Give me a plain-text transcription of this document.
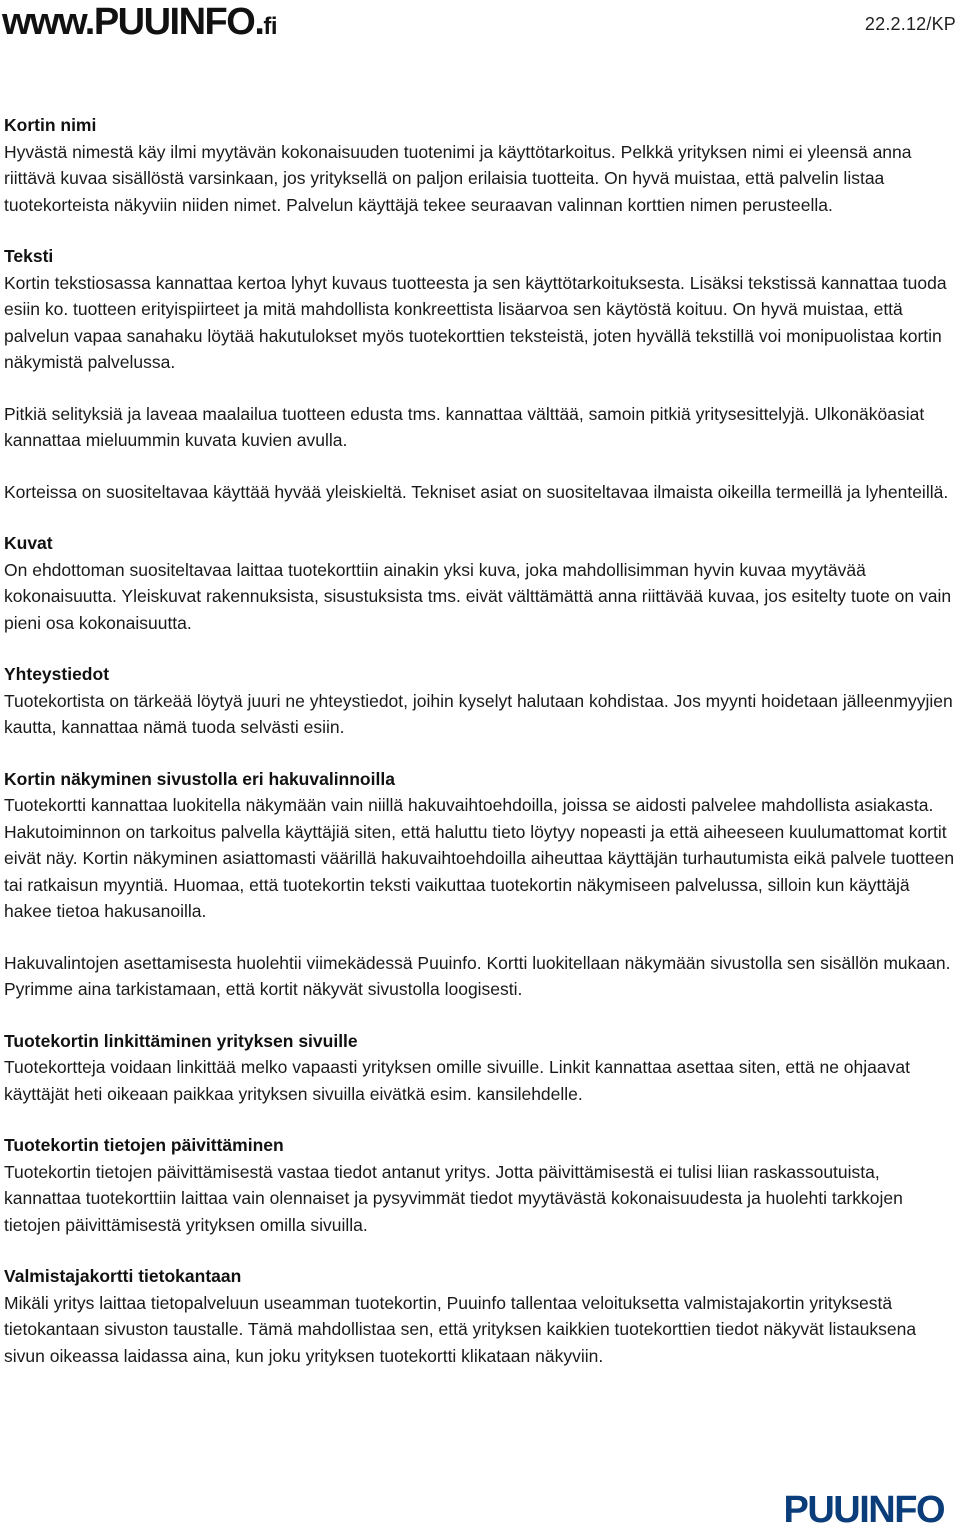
www.PUUINFO.fi	22.2.12/KP
Kortin nimi

Hyvästä nimestä käy ilmi myytävän kokonaisuuden tuotenimi ja käyttötarkoitus. Pelkkä yrityksen nimi ei yleensä anna riittävä kuvaa sisällöstä varsinkaan, jos yrityksellä on paljon erilaisia tuotteita. On hyvä muistaa, että palvelin listaa tuotekorteista näkyviin niiden nimet. Palvelun käyttäjä tekee seuraavan valinnan korttien nimen perusteella.

Teksti

Kortin tekstiosassa kannattaa kertoa lyhyt kuvaus tuotteesta ja sen käyttötarkoituksesta. Lisäksi tekstissä kannattaa tuoda esiin ko. tuotteen erityispiirteet ja mitä mahdollista konkreettista lisäarvoa sen käytöstä koituu. On hyvä muistaa, että palvelun vapaa sanahaku löytää hakutulokset myös tuotekorttien teksteistä, joten hyvällä tekstillä voi monipuolistaa kortin näkymistä palvelussa.

Pitkiä selityksiä ja laveaa maalailua tuotteen edusta tms. kannattaa välttää, samoin pitkiä yritysesittelyjä. Ulkonäköasiat kannattaa mieluummin kuvata kuvien avulla.

Korteissa on suositeltavaa käyttää hyvää yleiskieltä. Tekniset asiat on suositeltavaa ilmaista oikeilla termeillä ja lyhenteillä.

Kuvat

On ehdottoman suositeltavaa laittaa tuotekorttiin ainakin yksi kuva, joka mahdollisimman hyvin kuvaa myytävää kokonaisuutta. Yleiskuvat rakennuksista, sisustuksista tms. eivät välttämättä anna riittävää kuvaa, jos esitelty tuote on vain pieni osa kokonaisuutta.

Yhteystiedot

Tuotekortista on tärkeää löytyä juuri ne yhteystiedot, joihin kyselyt halutaan kohdistaa. Jos myynti hoidetaan jälleenmyyjien kautta, kannattaa nämä tuoda selvästi esiin.

Kortin näkyminen sivustolla eri hakuvalinnoilla

Tuotekortti kannattaa luokitella näkymään vain niillä hakuvaihtoehdoilla, joissa se aidosti palvelee mahdollista asiakasta. Hakutoiminnon on tarkoitus palvella käyttäjiä siten, että haluttu tieto löytyy nopeasti ja että aiheeseen kuulumattomat kortit eivät näy. Kortin näkyminen asiattomasti väärillä hakuvaihtoehdoilla aiheuttaa käyttäjän turhautumista eikä palvele tuotteen tai ratkaisun myyntiä. Huomaa, että tuotekortin teksti vaikuttaa tuotekortin näkymiseen palvelussa, silloin kun käyttäjä hakee tietoa hakusanoilla.

Hakuvalintojen asettamisesta huolehtii viimekädessä Puuinfo. Kortti luokitellaan näkymään sivustolla sen sisällön mukaan. Pyrimme aina tarkistamaan, että kortit näkyvät sivustolla loogisesti.

Tuotekortin linkittäminen yrityksen sivuille

Tuotekortteja voidaan linkittää melko vapaasti yrityksen omille sivuille. Linkit kannattaa asettaa siten, että ne ohjaavat käyttäjät heti oikeaan paikkaa yrityksen sivuilla eivätkä esim. kansilehdelle.

Tuotekortin tietojen päivittäminen

Tuotekortin tietojen päivittämisestä vastaa tiedot antanut yritys. Jotta päivittämisestä ei tulisi liian raskassoutuista, kannattaa tuotekorttiin laittaa vain olennaiset ja pysyvimmät tiedot myytävästä kokonaisuudesta ja huolehti tarkkojen tietojen päivittämisestä yrityksen omilla sivuilla.

Valmistajakortti tietokantaan

Mikäli yritys laittaa tietopalveluun useamman tuotekortin, Puuinfo tallentaa veloituksetta valmistajakortin yrityksestä tietokantaan sivuston taustalle. Tämä mahdollistaa sen, että yrityksen kaikkien tuotekorttien tiedot näkyvät listauksena sivun oikeassa laidassa aina, kun joku yrityksen tuotekortti klikataan näkyviin.

PUUINFO
